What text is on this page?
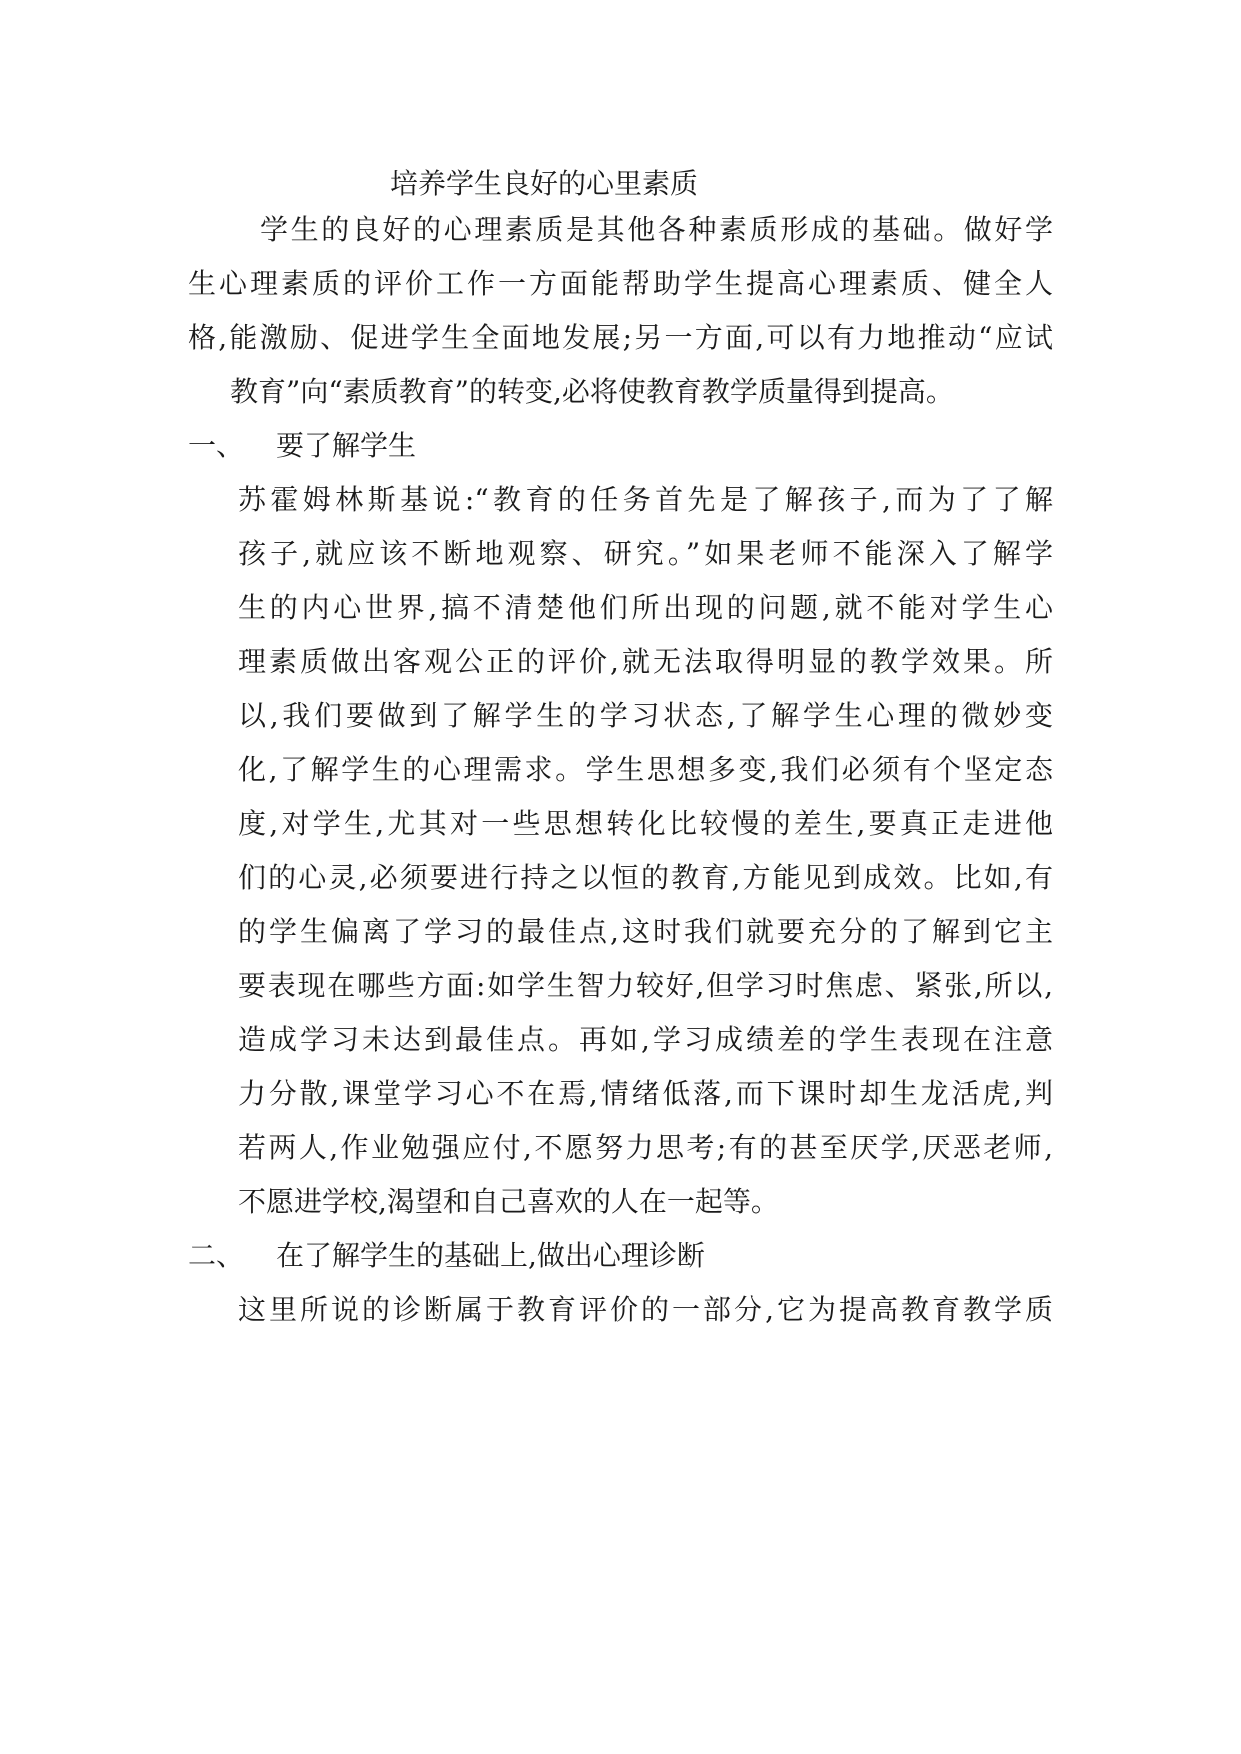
培养学生良好的心里素质
学生的良好的心理素质是其他各种素质形成的基础。做好学
生心理素质的评价工作一方面能帮助学生提高心理素质、健全人
格,能激励、促进学生全面地发展;另一方面,可以有力地推动“应试
教育”向“素质教育”的转变,必将使教育教学质量得到提高。
一、 要了解学生
苏霍姆林斯基说:“教育的任务首先是了解孩子,而为了了解
孩子,就应该不断地观察、研究。”如果老师不能深入了解学
生的内心世界,搞不清楚他们所出现的问题,就不能对学生心
理素质做出客观公正的评价,就无法取得明显的教学效果。所
以,我们要做到了解学生的学习状态,了解学生心理的微妙变
化,了解学生的心理需求。学生思想多变,我们必须有个坚定态
度,对学生,尤其对一些思想转化比较慢的差生,要真正走进他
们的心灵,必须要进行持之以恒的教育,方能见到成效。比如,有
的学生偏离了学习的最佳点,这时我们就要充分的了解到它主
要表现在哪些方面:如学生智力较好,但学习时焦虑、紧张,所以,
造成学习未达到最佳点。再如,学习成绩差的学生表现在注意
力分散,课堂学习心不在焉,情绪低落,而下课时却生龙活虎,判
若两人,作业勉强应付,不愿努力思考;有的甚至厌学,厌恶老师,
不愿进学校,渴望和自己喜欢的人在一起等。
二、 在了解学生的基础上,做出心理诊断
这里所说的诊断属于教育评价的一部分,它为提高教育教学质
